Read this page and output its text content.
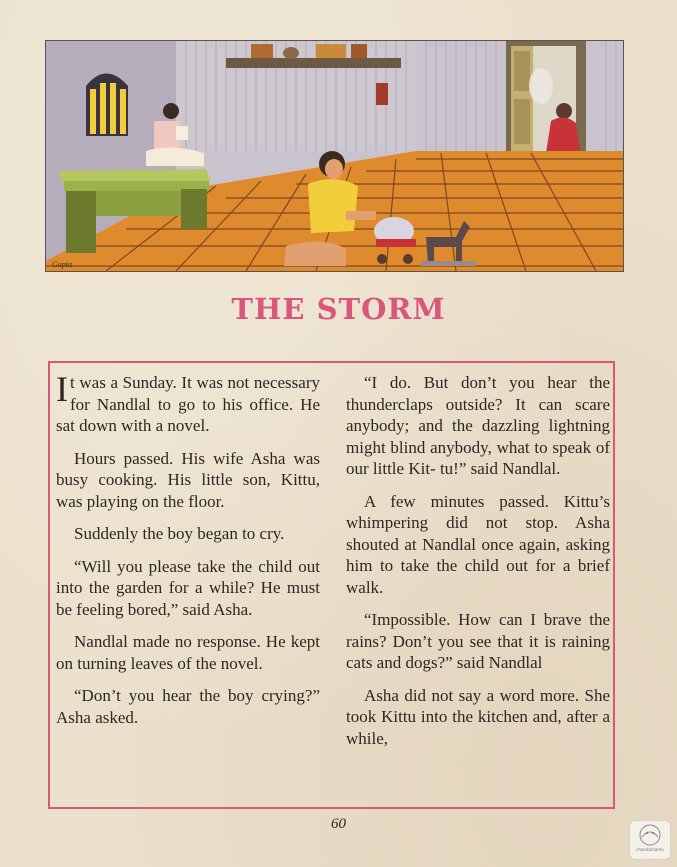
Gupta
THE STORM

It was a Sunday. It was not necessary for Nandlal to go to his office. He sat down with a novel.

Hours passed. His wife Asha was busy cooking. His little son, Kittu, was playing on the floor.

Suddenly the boy began to cry.

“Will you please take the child out into the garden for a while? He must be feeling bored,” said Asha.

Nandlal made no response. He kept on turning leaves of the novel.

“Don’t you hear the boy crying?” Asha asked.

“I do. But don’t you hear the thunderclaps outside? It can scare anybody; and the dazzling lightning might blind anybody, what to speak of our little Kit- tu!” said Nandlal.

A few minutes passed. Kittu’s whimpering did not stop. Asha shouted at Nandlal once again, asking him to take the child out for a brief walk.

“Impossible. How can I brave the rains? Don’t you see that it is raining cats and dogs?” said Nandlal

Asha did not say a word more. She took Kittu into the kitchen and, after a while,

60
chandamama
